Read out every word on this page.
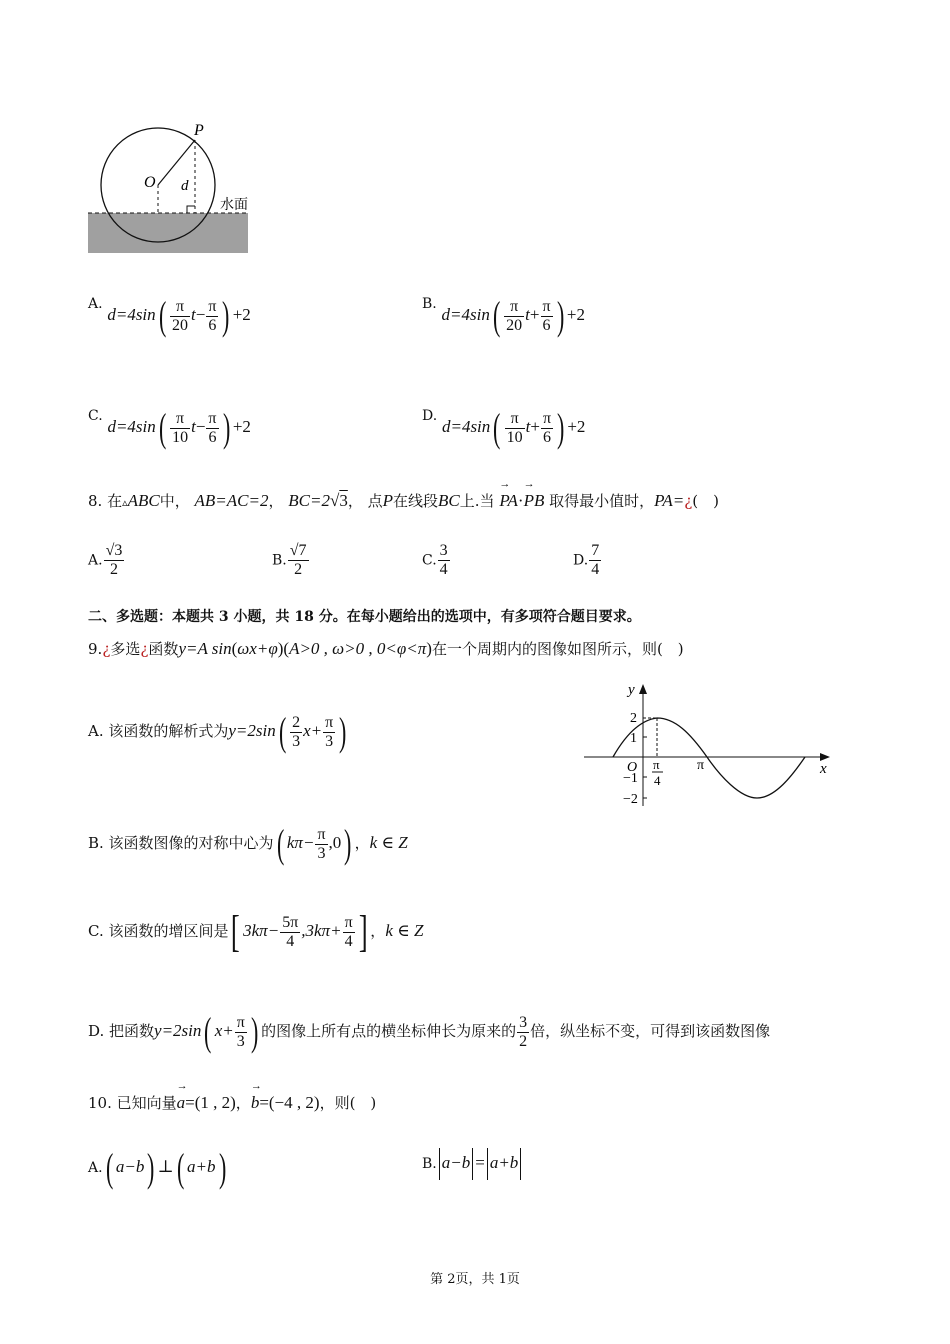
P
O d
水面
A. $d=4\sin( \frac{\pi}{20} t- \frac{\pi}{6}$ ) +2
B. $d=4\sin( \frac{\pi}{20} t+ \frac{\pi}{6}$ ) +2
C. $d=4\sin( \frac{\pi}{10} t- \frac{\pi}{6}$ ) +2
D. $d=4\sin( \frac{\pi}{10} t+ \frac{\pi}{6}$ ) +2
8. 在▵ABC中， AB=AC=2， BC=2√3， 点P在线段BC上.当 → PA·→ PB 取得最小值时，PA=¿(　)
A. $\frac{√3}{2}$	B. $\frac{√7}{2}$	C. $\frac{3}{4}$	D. $\frac{7}{4}$
二、多选题：本题共 3 小题，共 18 分。在每小题给出的选项中，有多项符合题目要求。
9.¿多选¿函数y=A sin(ωx+φ)(A>0 , ω>0 , 0<φ<π)在一个周期内的图像如图所示，则(　)
y
x
2
1
O
−1
−2
π
4
π
A. 该函数的解析式为$y=2\sin( \frac{2}{3} x+ \frac{\pi}{3}$ )
B. 该函数图像的对称中心为( $k\pi- \frac{\pi}{3} ,0$) ，k ∈ Z
C. 该函数的增区间是[ $3k\pi- \frac{5\pi}{4} ,3k\pi+ \frac{\pi}{4}$ ] ，k ∈ Z
D. 把函数y=2sin( $x+ \frac{\pi}{3}$ ) 的图像上所有点的横坐标伸长为原来的 $\frac{3}{2}$ 倍，纵坐标不变，可得到该函数图像
10. 已知向量→ a=(1 , 2)，→ b=(−4 , 2)，则(　)
A.( a−b) ⊥( a+b)	B. a−b = a+b
第 2页，共 1页
